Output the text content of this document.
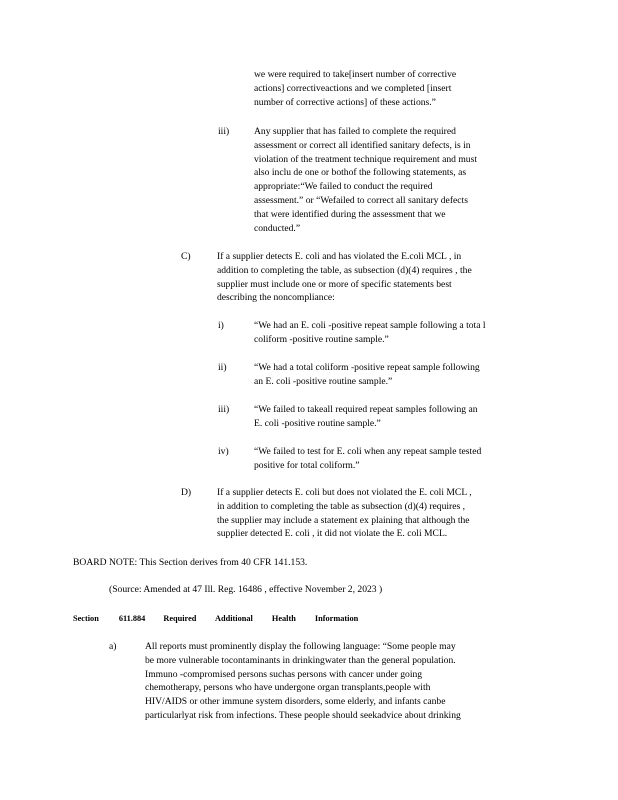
we were required to take[insert number of corrective
actions] correctiveactions and we completed [insert
number of corrective actions] of these actions.”
iii)	Any supplier that has failed to complete the required
assessment or correct all identified sanitary defects, is in
violation of the treatment technique requirement and must
also inclu de one or bothof the following statements, as
appropriate:“We failed to conduct the required
assessment.” or “Wefailed to correct all sanitary defects
that were identified during the assessment that we
conducted.”
C)	If a supplier detects E. coli and has violated the E.coli MCL , in
addition to completing the table, as subsection (d)(4) requires , the
supplier must include one or more of specific statements best
describing the noncompliance:
i)	“We had an E. coli -positive repeat sample following a tota l
coliform -positive routine sample.”
ii)	“We had a total coliform -positive repeat sample following
an E. coli -positive routine sample.”
iii)	“We failed to takeall required repeat samples following an
E. coli -positive routine sample.”
iv)	“We failed to test for E. coli when any repeat sample tested
positive for total coliform.”
D)	If a supplier detects E. coli but does not violated the E. coli MCL ,
in addition to completing the table as subsection (d)(4) requires ,
the supplier may include a statement ex plaining that although the
supplier detected E. coli , it did not violate the E. coli MCL.
BOARD NOTE: This Section derives from 40 CFR 141.153.
(Source: Amended at 47 Ill. Reg. 16486 , effective November 2, 2023 )
Section 611.884 Required Additional Health Information
a)	All reports must prominently display the following language: “Some people may
be more vulnerable tocontaminants in drinkingwater than the general population.
Immuno -compromised persons suchas persons with cancer under going
chemotherapy, persons who have undergone organ transplants,people with
HIV/AIDS or other immune system disorders, some elderly, and infants canbe
particularlyat risk from infections. These people should seekadvice about drinking
